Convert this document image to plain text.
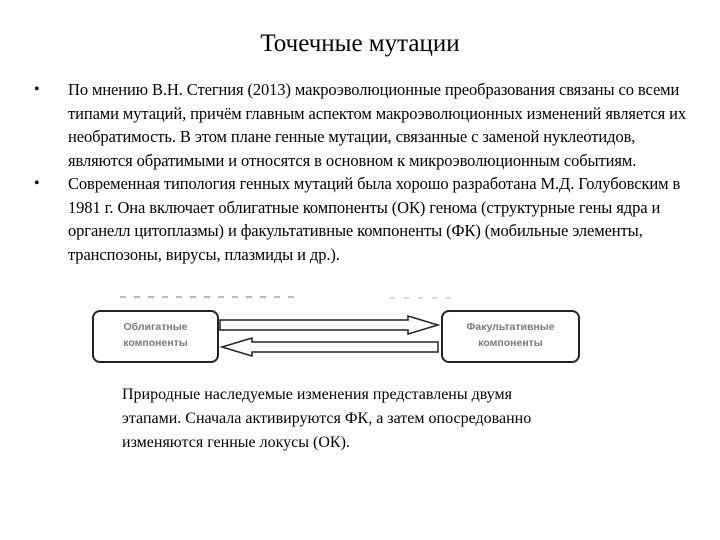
Точечные мутации
•	По мнению В.Н. Стегния (2013) макроэволюционные преобразования связаны со всеми типами мутаций, причём главным аспектом макроэволюционных изменений является их необратимость. В этом плане генные мутации, связанные с заменой нуклеотидов, являются обратимыми и относятся в основном к микроэволюционным событиям.
•	Современная типология генных мутаций была хорошо разработана М.Д. Голубовским в 1981 г. Она включает облигатные компоненты (ОК) генома (структурные гены ядра и органелл цитоплазмы) и факультативные компоненты (ФК) (мобильные элементы, транспозоны, вирусы, плазмиды и др.).
Облигатные
компоненты
Факультативные
компоненты
Природные наследуемые изменения представлены двумя этапами. Сначала активируются ФК, а затем опосредованно изменяются генные локусы (ОК).
